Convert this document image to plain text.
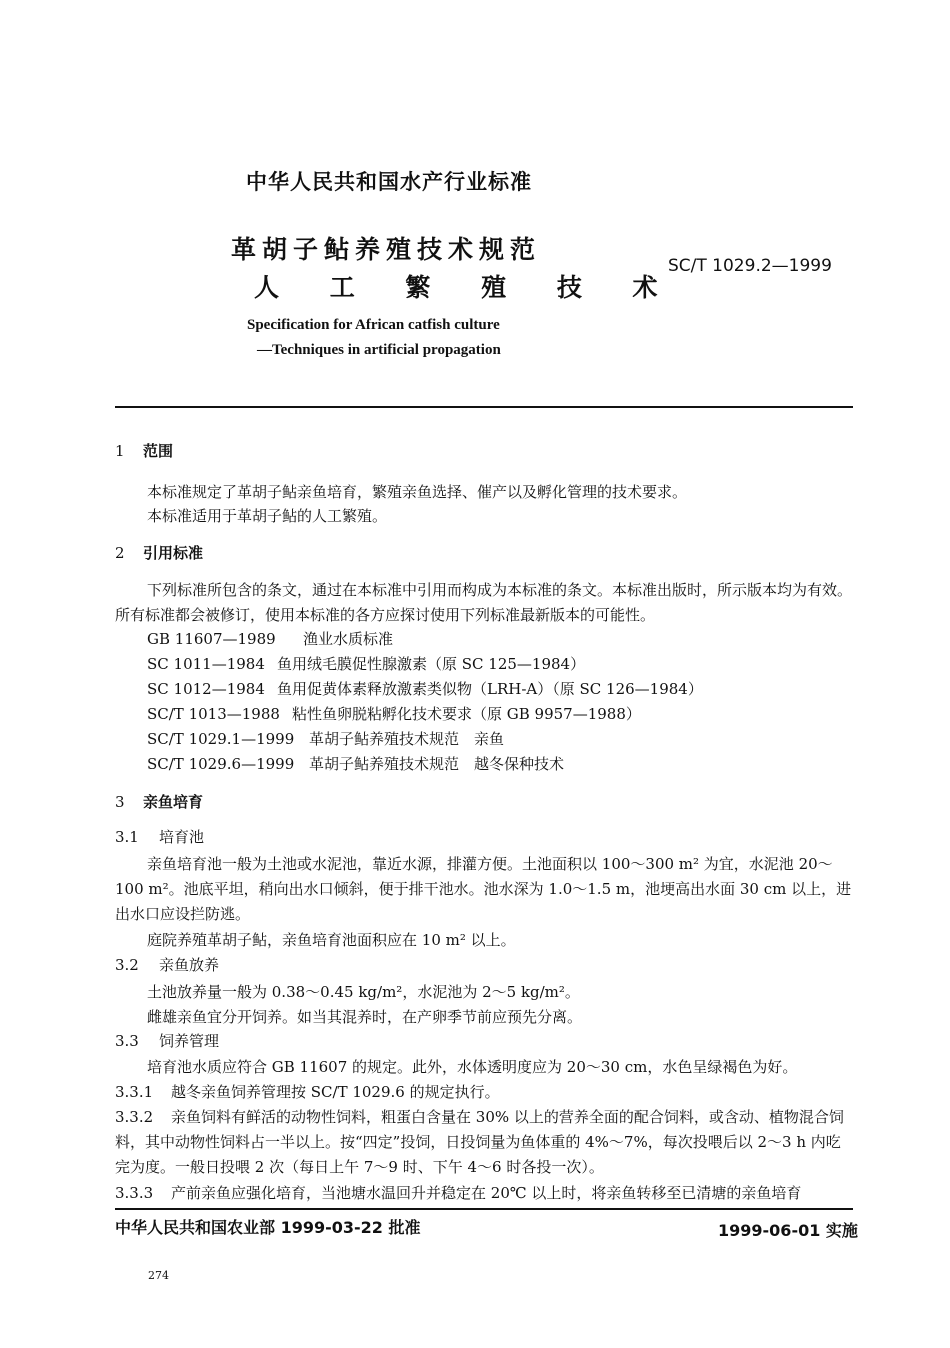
中华人民共和国水产行业标准
革胡子鲇养殖技术规范
人 工 繁 殖 技 术
SC/T 1029.2—1999
Specification for African catfish culture
—Techniques in artificial propagation
1 范围
本标准规定了革胡子鲇亲鱼培育，繁殖亲鱼选择、催产以及孵化管理的技术要求。
本标准适用于革胡子鲇的人工繁殖。
2 引用标准
下列标准所包含的条文，通过在本标准中引用而构成为本标准的条文。本标准出版时，所示版本均为有效。所有标准都会被修订，使用本标准的各方应探讨使用下列标准最新版本的可能性。
GB 11607—1989 渔业水质标准
SC 1011—1984 鱼用绒毛膜促性腺激素（原 SC 125—1984）
SC 1012—1984 鱼用促黄体素释放激素类似物（LRH-A）（原 SC 126—1984）
SC/T 1013—1988 粘性鱼卵脱粘孵化技术要求（原 GB 9957—1988）
SC/T 1029.1—1999 革胡子鲇养殖技术规范　亲鱼
SC/T 1029.6—1999 革胡子鲇养殖技术规范　越冬保种技术
3 亲鱼培育
3.1 培育池
亲鱼培育池一般为土池或水泥池，靠近水源，排灌方便。土池面积以 100～300 m² 为宜，水泥池 20～100 m²。池底平坦，稍向出水口倾斜，便于排干池水。池水深为 1.0～1.5 m，池埂高出水面 30 cm 以上，进出水口应设拦防逃。
庭院养殖革胡子鲇，亲鱼培育池面积应在 10 m² 以上。
3.2 亲鱼放养
土池放养量一般为 0.38～0.45 kg/m²，水泥池为 2～5 kg/m²。
雌雄亲鱼宜分开饲养。如当其混养时，在产卵季节前应预先分离。
3.3 饲养管理
培育池水质应符合 GB 11607 的规定。此外，水体透明度应为 20～30 cm，水色呈绿褐色为好。
3.3.1 越冬亲鱼饲养管理按 SC/T 1029.6 的规定执行。
3.3.2 亲鱼饲料有鲜活的动物性饲料，粗蛋白含量在 30% 以上的营养全面的配合饲料，或含动、植物混合饲料，其中动物性饲料占一半以上。按“四定”投饲，日投饲量为鱼体重的 4%～7%，每次投喂后以 2～3 h 内吃完为度。一般日投喂 2 次（每日上午 7～9 时、下午 4～6 时各投一次）。
3.3.3 产前亲鱼应强化培育，当池塘水温回升并稳定在 20℃ 以上时，将亲鱼转移至已清塘的亲鱼培育
中华人民共和国农业部 1999-03-22 批准	1999-06-01 实施
274
